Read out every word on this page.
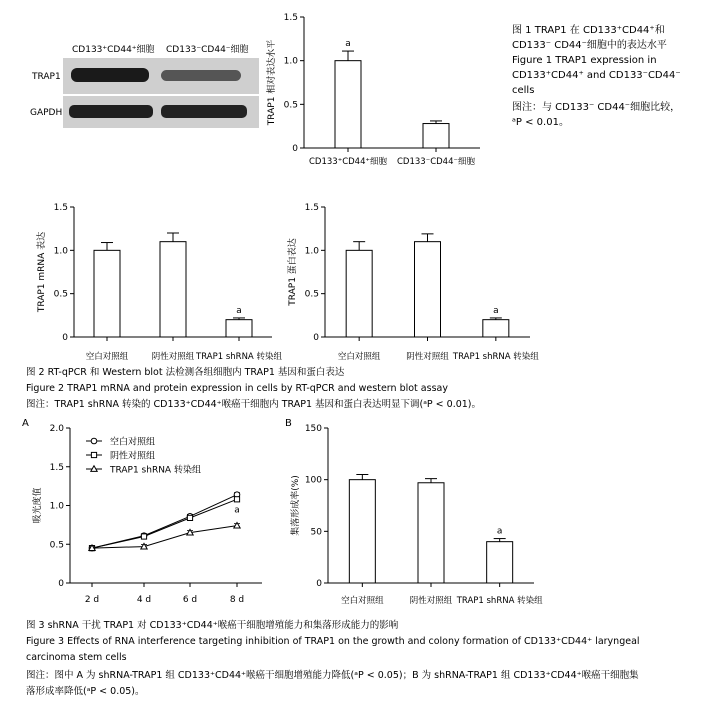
CD133⁺CD44⁺细胞 CD133⁻CD44⁻细胞
TRAP1
GAPDH
0
0.5
1.0
1.5
TRAP1 相对表达水平	a
CD133⁺CD44⁺细胞 CD133⁻CD44⁻细胞
图 1 TRAP1 在 CD133⁺CD44⁺和
CD133⁻ CD44⁻细胞中的表达水平
Figure 1 TRAP1 expression in
CD133⁺CD44⁺ and CD133⁻CD44⁻
cells
图注：与 CD133⁻ CD44⁻细胞比较，
ᵃP < 0.01。
0
0.5
1.0
1.5
TRAP1 mRNA 表达
空白对照组	阴性对照组
a
TRAP1 shRNA 转染组
0
0.5
1.0
1.5
TRAP1 蛋白表达
空白对照组	阴性对照组
a
TRAP1 shRNA 转染组
图 2 RT-qPCR 和 Western blot 法检测各组细胞内 TRAP1 基因和蛋白表达
Figure 2 TRAP1 mRNA and protein expression in cells by RT-qPCR and western blot assay
图注：TRAP1 shRNA 转染的 CD133⁺CD44⁺喉癌干细胞内 TRAP1 基因和蛋白表达明显下调(ᵃP < 0.01)。
A
0
0.5
1.0
1.5
2.0
吸光度值
2 d	4 d	6 d	8 d
a
空白对照组
阴性对照组
TRAP1 shRNA 转染组
0
50
100
150
集落形成率(%)
空白对照组	阴性对照组
a
TRAP1 shRNA 转染组
B
图 3 shRNA 干扰 TRAP1 对 CD133⁺CD44⁺喉癌干细胞增殖能力和集落形成能力的影响
Figure 3 Effects of RNA interference targeting inhibition of TRAP1 on the growth and colony formation of CD133⁺CD44⁺ laryngeal
carcinoma stem cells
图注：图中 A 为 shRNA-TRAP1 组 CD133⁺CD44⁺喉癌干细胞增殖能力降低(ᵃP < 0.05)；B 为 shRNA-TRAP1 组 CD133⁺CD44⁺喉癌干细胞集
落形成率降低(ᵃP < 0.05)。
